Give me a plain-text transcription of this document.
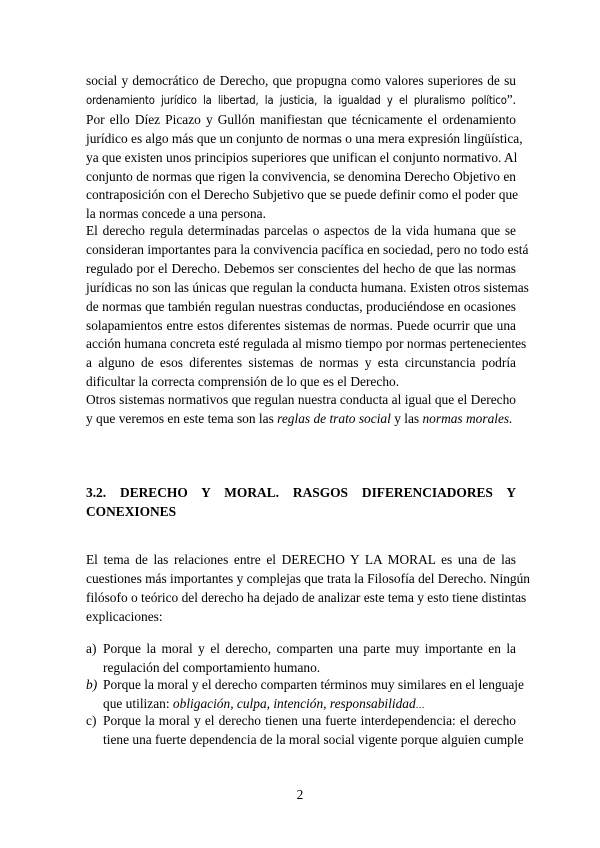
social y democrático de Derecho, que propugna como valores superiores de su
ordenamiento jurídico la libertad, la justicia, la igualdad y el pluralismo político”.
Por ello Díez Picazo y Gullón manifiestan que técnicamente el ordenamiento
jurídico es algo más que un conjunto de normas o una mera expresión lingüística,
ya que existen unos principios superiores que unifican el conjunto normativo. Al
conjunto de normas que rigen la convivencia, se denomina Derecho Objetivo en
contraposición con el Derecho Subjetivo que se puede definir como el poder que
la normas concede a una persona.

El derecho regula determinadas parcelas o aspectos de la vida humana que se
consideran importantes para la convivencia pacífica en sociedad, pero no todo está
regulado por el Derecho. Debemos ser conscientes del hecho de que las normas
jurídicas no son las únicas que regulan la conducta humana. Existen otros sistemas
de normas que también regulan nuestras conductas, produciéndose en ocasiones
solapamientos entre estos diferentes sistemas de normas. Puede ocurrir que una
acción humana concreta esté regulada al mismo tiempo por normas pertenecientes
a alguno de esos diferentes sistemas de normas y esta circunstancia podría
dificultar la correcta comprensión de lo que es el Derecho.

Otros sistemas normativos que regulan nuestra conducta al igual que el Derecho
y que veremos en este tema son las reglas de trato social y las normas morales.

3.2. DERECHO Y MORAL. RASGOS DIFERENCIADORES Y
CONEXIONES

El tema de las relaciones entre el DERECHO Y LA MORAL es una de las
cuestiones más importantes y complejas que trata la Filosofía del Derecho. Ningún
filósofo o teórico del derecho ha dejado de analizar este tema y esto tiene distintas
explicaciones:

a) Porque la moral y el derecho, comparten una parte muy importante en la
regulación del comportamiento humano.
b) Porque la moral y el derecho comparten términos muy similares en el lenguaje
que utilizan: obligación, culpa, intención, responsabilidad…
c) Porque la moral y el derecho tienen una fuerte interdependencia: el derecho
tiene una fuerte dependencia de la moral social vigente porque alguien cumple
2
